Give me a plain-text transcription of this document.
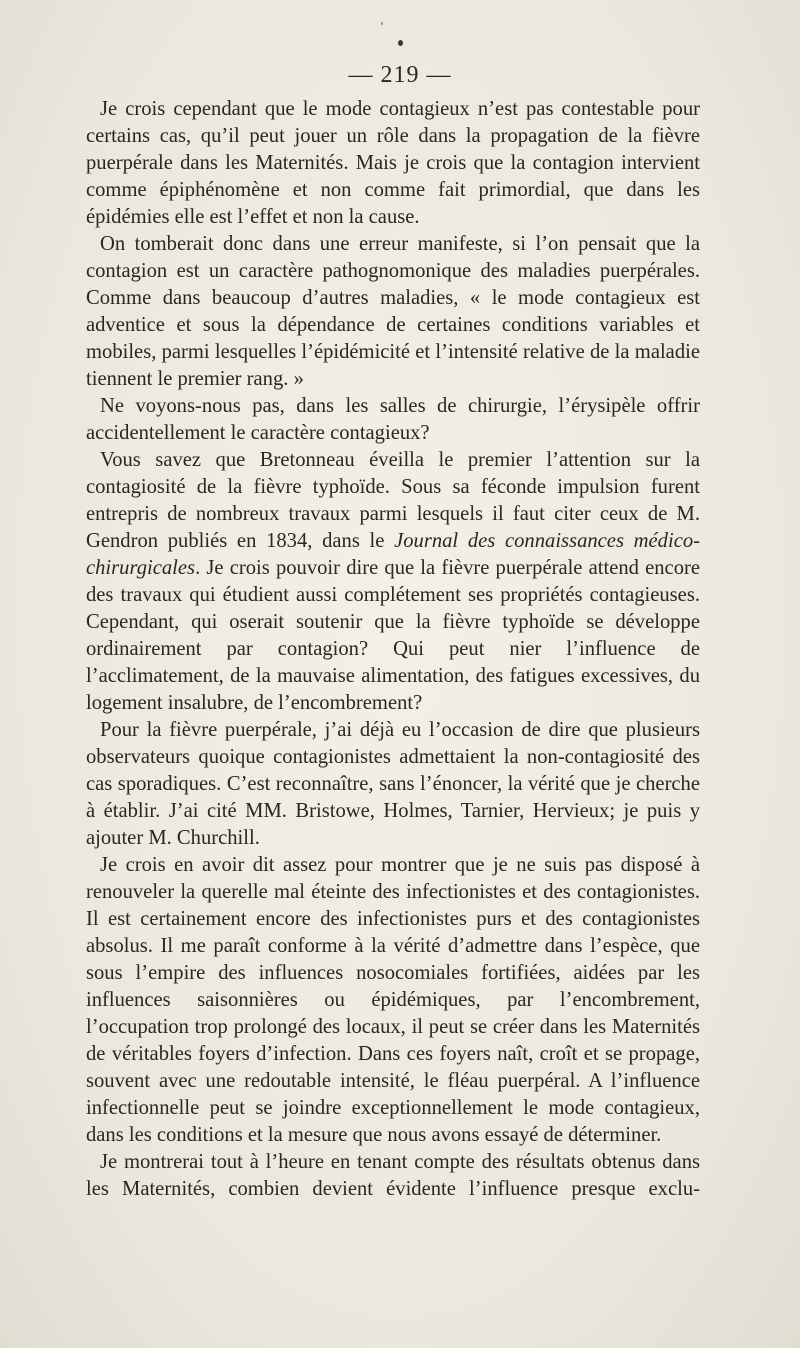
— 219 —

Je crois cependant que le mode contagieux n’est pas contestable pour certains cas, qu’il peut jouer un rôle dans la propagation de la fièvre puerpérale dans les Maternités. Mais je crois que la contagion intervient comme épiphénomène et non comme fait primordial, que dans les épidémies elle est l’effet et non la cause.

On tomberait donc dans une erreur manifeste, si l’on pensait que la contagion est un caractère pathognomonique des maladies puerpérales. Comme dans beaucoup d’autres maladies, « le mode contagieux est adventice et sous la dépendance de certaines conditions variables et mobiles, parmi lesquelles l’épidémicité et l’intensité relative de la maladie tiennent le premier rang. »

Ne voyons-nous pas, dans les salles de chirurgie, l’érysipèle offrir accidentellement le caractère contagieux?

Vous savez que Bretonneau éveilla le premier l’attention sur la contagiosité de la fièvre typhoïde. Sous sa féconde impulsion furent entrepris de nombreux travaux parmi lesquels il faut citer ceux de M. Gendron publiés en 1834, dans le Journal des connaissances médico-chirurgicales. Je crois pouvoir dire que la fièvre puerpérale attend encore des travaux qui étudient aussi complétement ses propriétés contagieuses. Cependant, qui oserait soutenir que la fièvre typhoïde se développe ordinairement par contagion? Qui peut nier l’influence de l’acclimatement, de la mauvaise alimentation, des fatigues excessives, du logement insalubre, de l’encombrement?

Pour la fièvre puerpérale, j’ai déjà eu l’occasion de dire que plusieurs observateurs quoique contagionistes admettaient la non-contagiosité des cas sporadiques. C’est reconnaître, sans l’énoncer, la vérité que je cherche à établir. J’ai cité MM. Bristowe, Holmes, Tarnier, Hervieux; je puis y ajouter M. Churchill.

Je crois en avoir dit assez pour montrer que je ne suis pas disposé à renouveler la querelle mal éteinte des infectionistes et des contagionistes. Il est certainement encore des infectionistes purs et des contagionistes absolus. Il me paraît conforme à la vérité d’admettre dans l’espèce, que sous l’empire des influences nosocomiales fortifiées, aidées par les influences saisonnières ou épidémiques, par l’encombrement, l’occupation trop prolongé des locaux, il peut se créer dans les Maternités de véritables foyers d’infection. Dans ces foyers naît, croît et se propage, souvent avec une redoutable intensité, le fléau puerpéral. A l’influence infectionnelle peut se joindre exceptionnellement le mode contagieux, dans les conditions et la mesure que nous avons essayé de déterminer.

Je montrerai tout à l’heure en tenant compte des résultats obtenus dans les Maternités, combien devient évidente l’influence presque exclu-
